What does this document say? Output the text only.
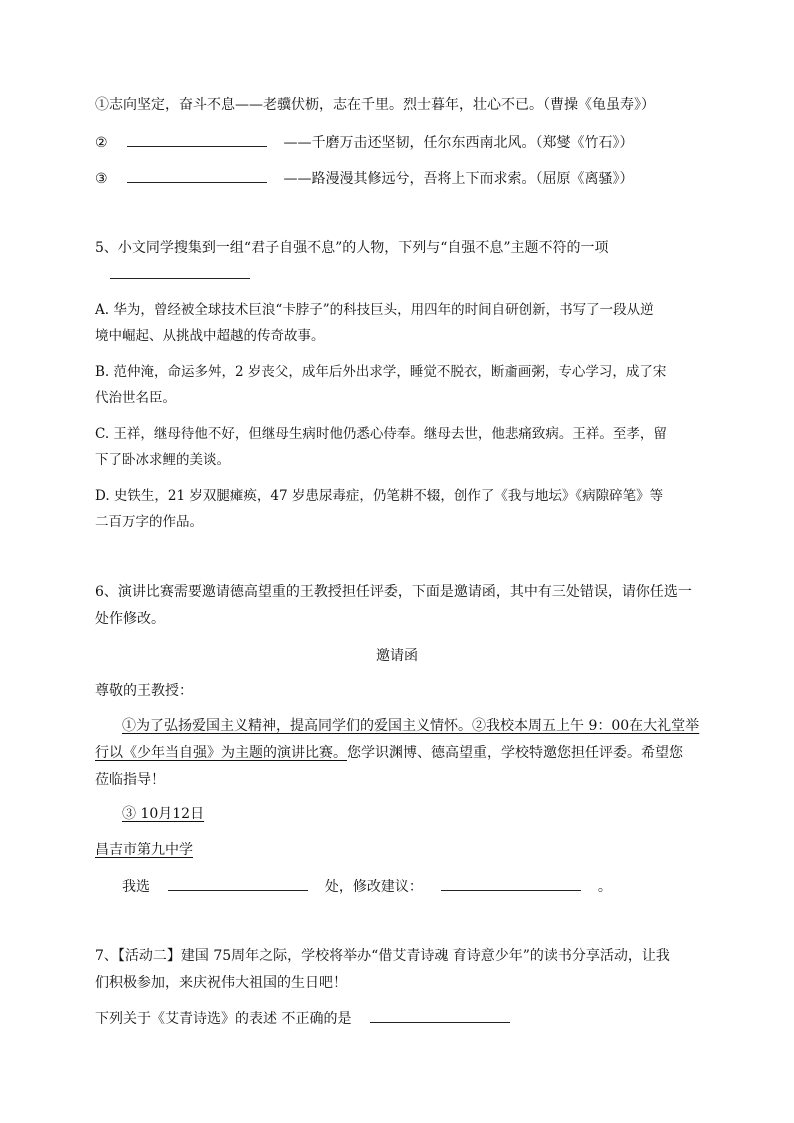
①志向坚定，奋斗不息——老骥伏枥，志在千里。烈士暮年，壮心不已。（曹操《龟虽寿》）
②	——千磨万击还坚韧，任尔东西南北风。（郑燮《竹石》）
③	——路漫漫其修远兮，吾将上下而求索。（屈原《离骚》）
5、小文同学搜集到一组“君子自强不息”的人物，下列与“自强不息”主题不符的一项
A. 华为，曾经被全球技术巨浪“卡脖子”的科技巨头，用四年的时间自研创新，书写了一段从逆
境中崛起、从挑战中超越的传奇故事。
B. 范仲淹，命运多舛，2 岁丧父，成年后外出求学，睡觉不脱衣，断齑画粥，专心学习，成了宋
代治世名臣。
C. 王祥，继母待他不好，但继母生病时他仍悉心侍奉。继母去世，他悲痛致病。王祥。至孝，留
下了卧冰求鲤的美谈。
D. 史铁生，21 岁双腿瘫痪，47 岁患尿毒症，仍笔耕不辍，创作了《我与地坛》《病隙碎笔》等
二百万字的作品。
6、演讲比赛需要邀请德高望重的王教授担任评委，下面是邀请函，其中有三处错误，请你任选一
处作修改。
邀请函
尊敬的王教授：
①为了弘扬爱国主义精神，提高同学们的爱国主义情怀。②我校本周五上午 9：00在大礼堂举
行以《少年当自强》为主题的演讲比赛。您学识渊博、德高望重，学校特邀您担任评委。希望您
莅临指导！
③ 10月12日
昌吉市第九中学
我选	处，修改建议：	。
7、【活动二】建国 75周年之际，学校将举办“借艾青诗魂 育诗意少年”的读书分享活动，让我
们积极参加，来庆祝伟大祖国的生日吧！
下列关于《艾青诗选》的表述 不正确的是
